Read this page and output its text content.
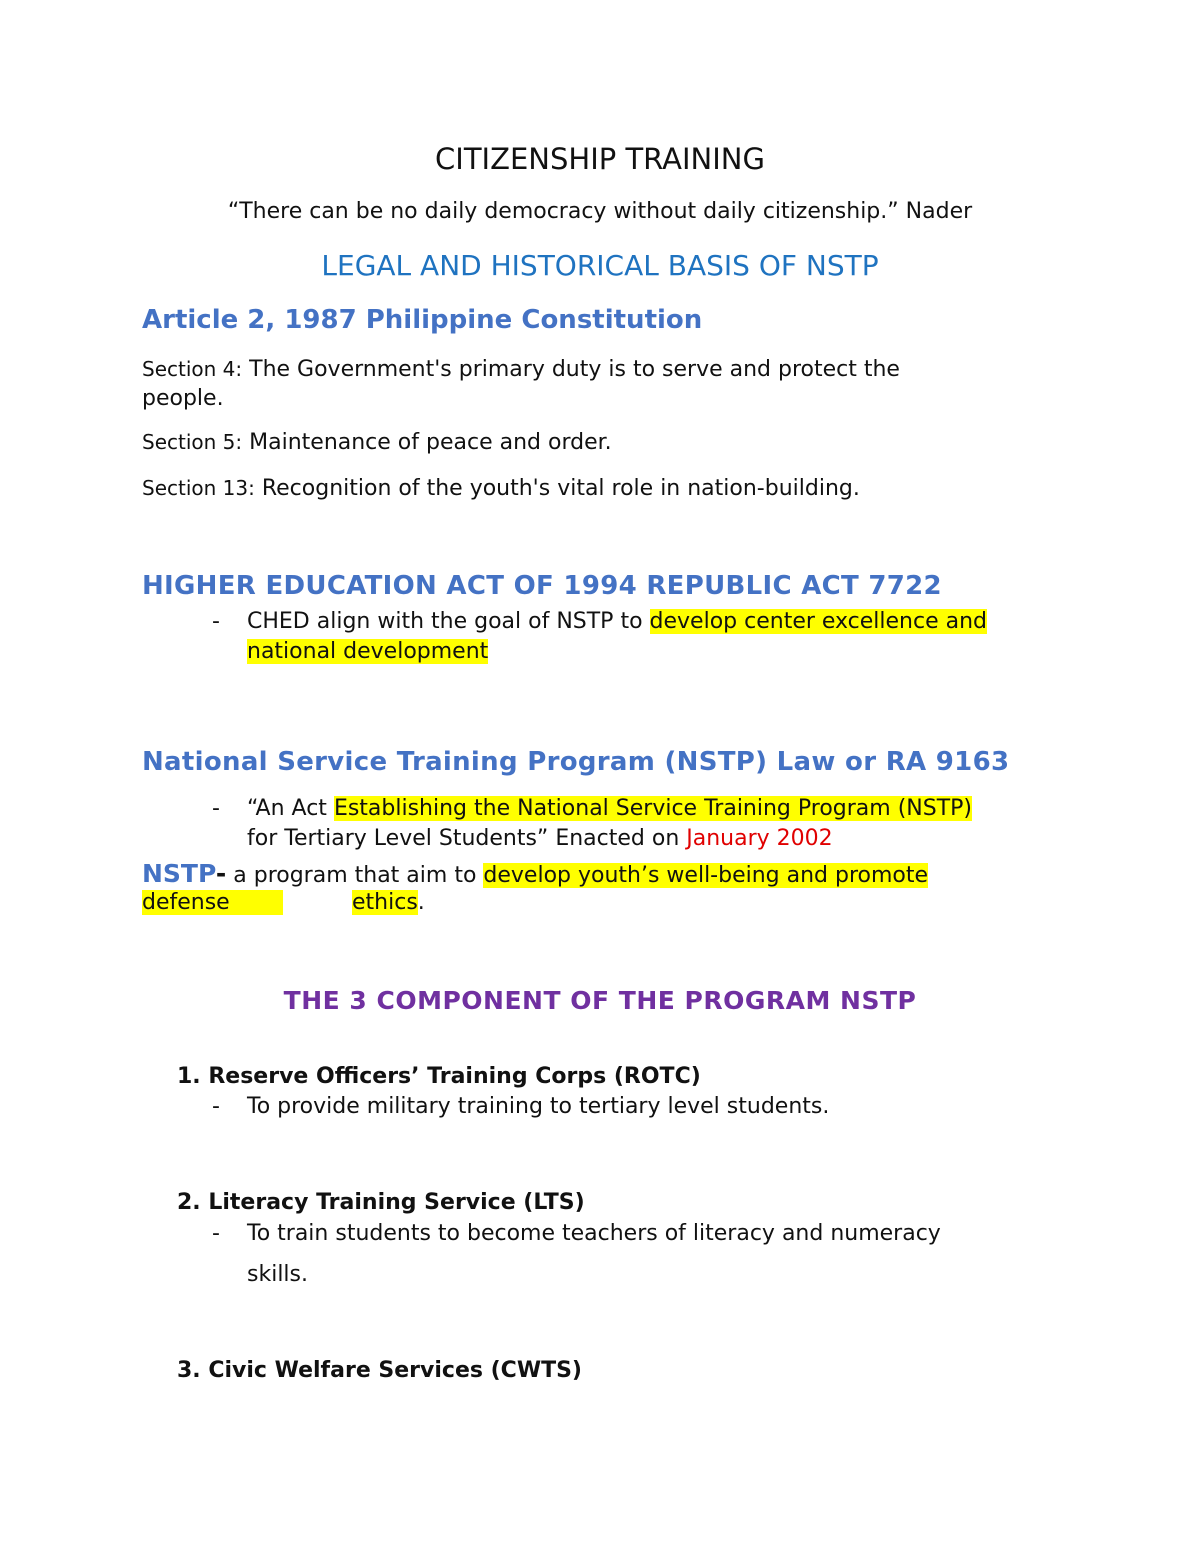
CITIZENSHIP TRAINING
“There can be no daily democracy without daily citizenship.” Nader
LEGAL AND HISTORICAL BASIS OF NSTP
Article 2, 1987 Philippine Constitution
Section 4: The Government's primary duty is to serve and protect the
people.
Section 5: Maintenance of peace and order.
Section 13: Recognition of the youth's vital role in nation-building.
HIGHER EDUCATION ACT OF 1994 REPUBLIC ACT 7722
- CHED align with the goal of NSTP to develop center excellence and
national development
National Service Training Program (NSTP) Law or RA 9163
- “An Act Establishing the National Service Training Program (NSTP)
for Tertiary Level Students” Enacted on January 2002
NSTP- a program that aim to develop youth’s well-being and promote
defense	ethics.
THE 3 COMPONENT OF THE PROGRAM NSTP
1. Reserve Officers’ Training Corps (ROTC)
- To provide military training to tertiary level students.
2. Literacy Training Service (LTS)
- To train students to become teachers of literacy and numeracy
skills.
3. Civic Welfare Services (CWTS)
